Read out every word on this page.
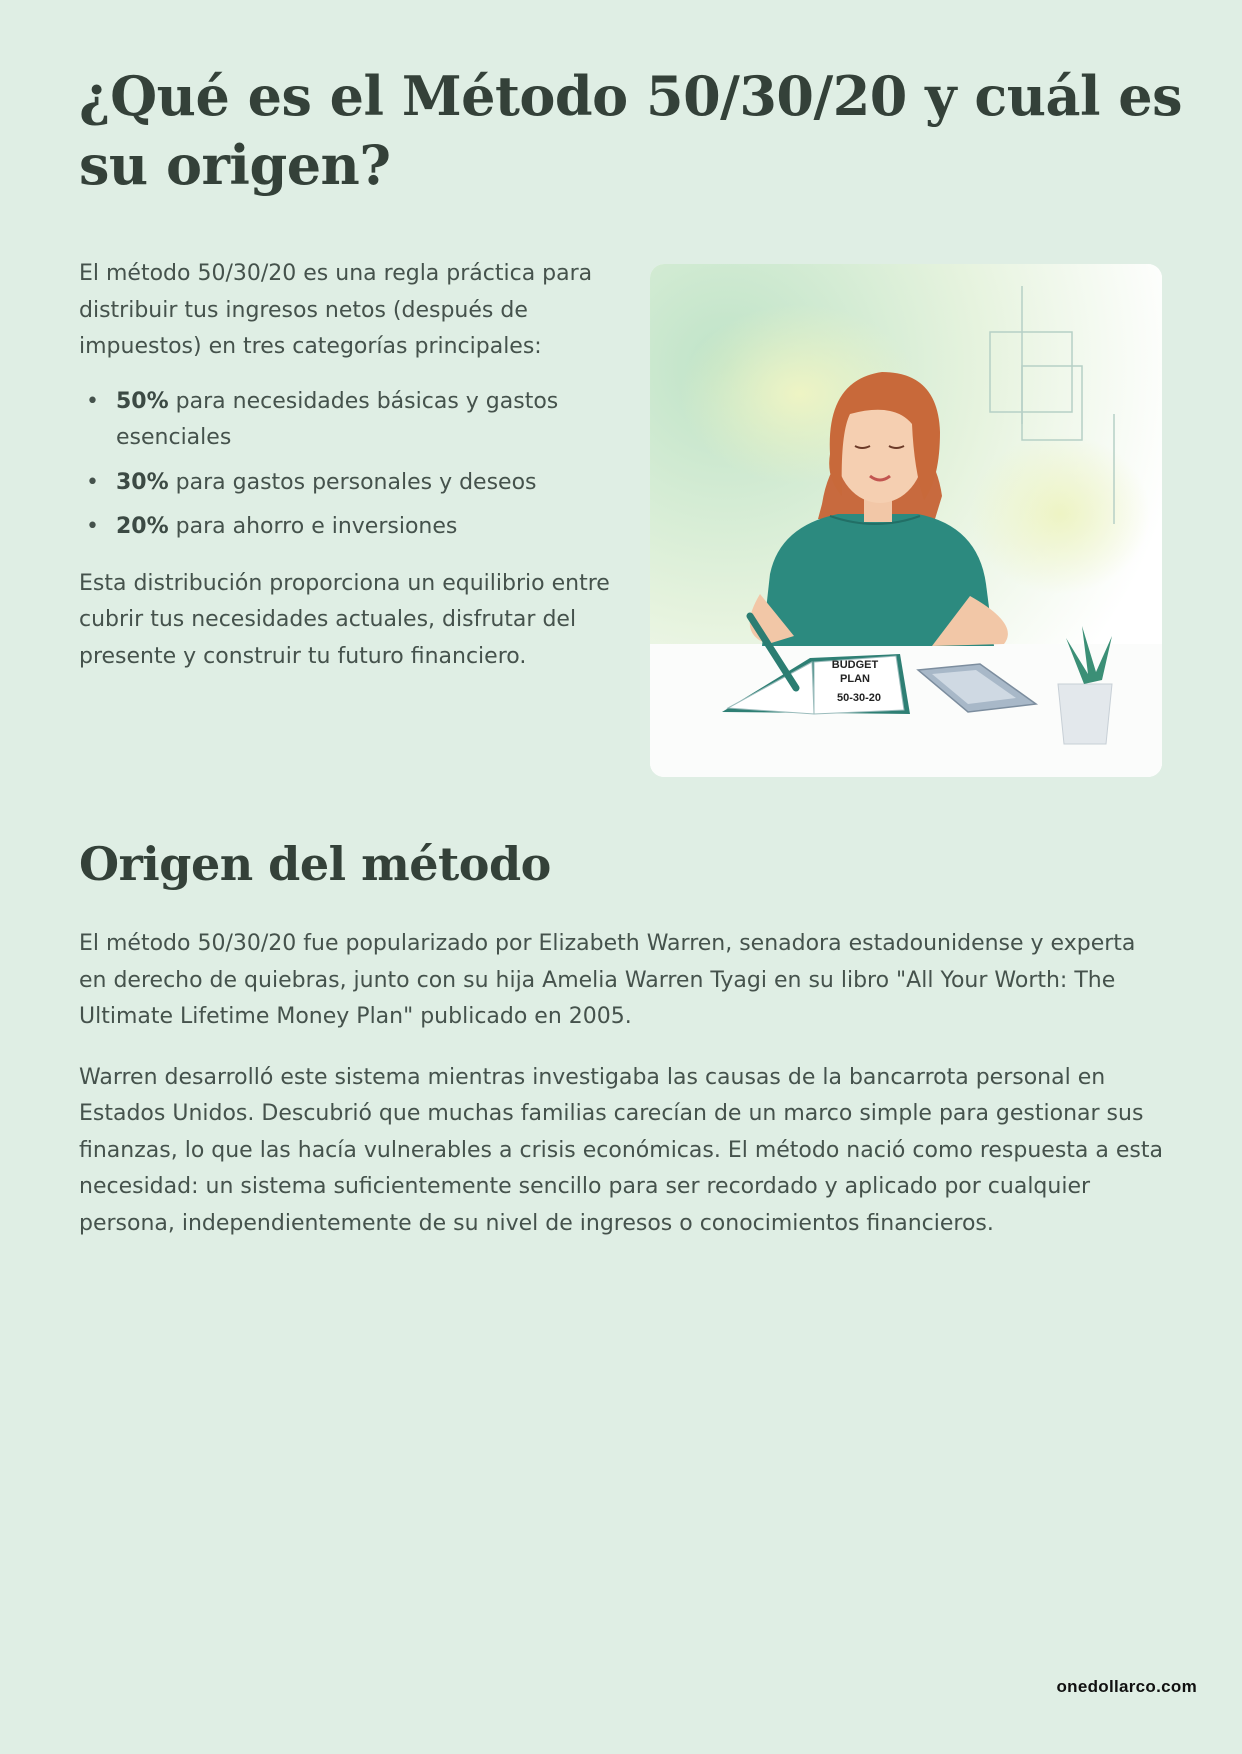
¿Qué es el Método 50/30/20 y cuál es su origen?

El método 50/30/20 es una regla práctica para distribuir tus ingresos netos (después de impuestos) en tres categorías principales:

• 50% para necesidades básicas y gastos esenciales
• 30% para gastos personales y deseos
• 20% para ahorro e inversiones

Esta distribución proporciona un equilibrio entre cubrir tus necesidades actuales, disfrutar del presente y construir tu futuro financiero.	BUDGET
PLAN
50-30-20
Origen del método

El método 50/30/20 fue popularizado por Elizabeth Warren, senadora estadounidense y experta en derecho de quiebras, junto con su hija Amelia Warren Tyagi en su libro "All Your Worth: The Ultimate Lifetime Money Plan" publicado en 2005.

Warren desarrolló este sistema mientras investigaba las causas de la bancarrota personal en Estados Unidos. Descubrió que muchas familias carecían de un marco simple para gestionar sus finanzas, lo que las hacía vulnerables a crisis económicas. El método nació como respuesta a esta necesidad: un sistema suficientemente sencillo para ser recordado y aplicado por cualquier persona, independientemente de su nivel de ingresos o conocimientos financieros.

onedollarco.com
